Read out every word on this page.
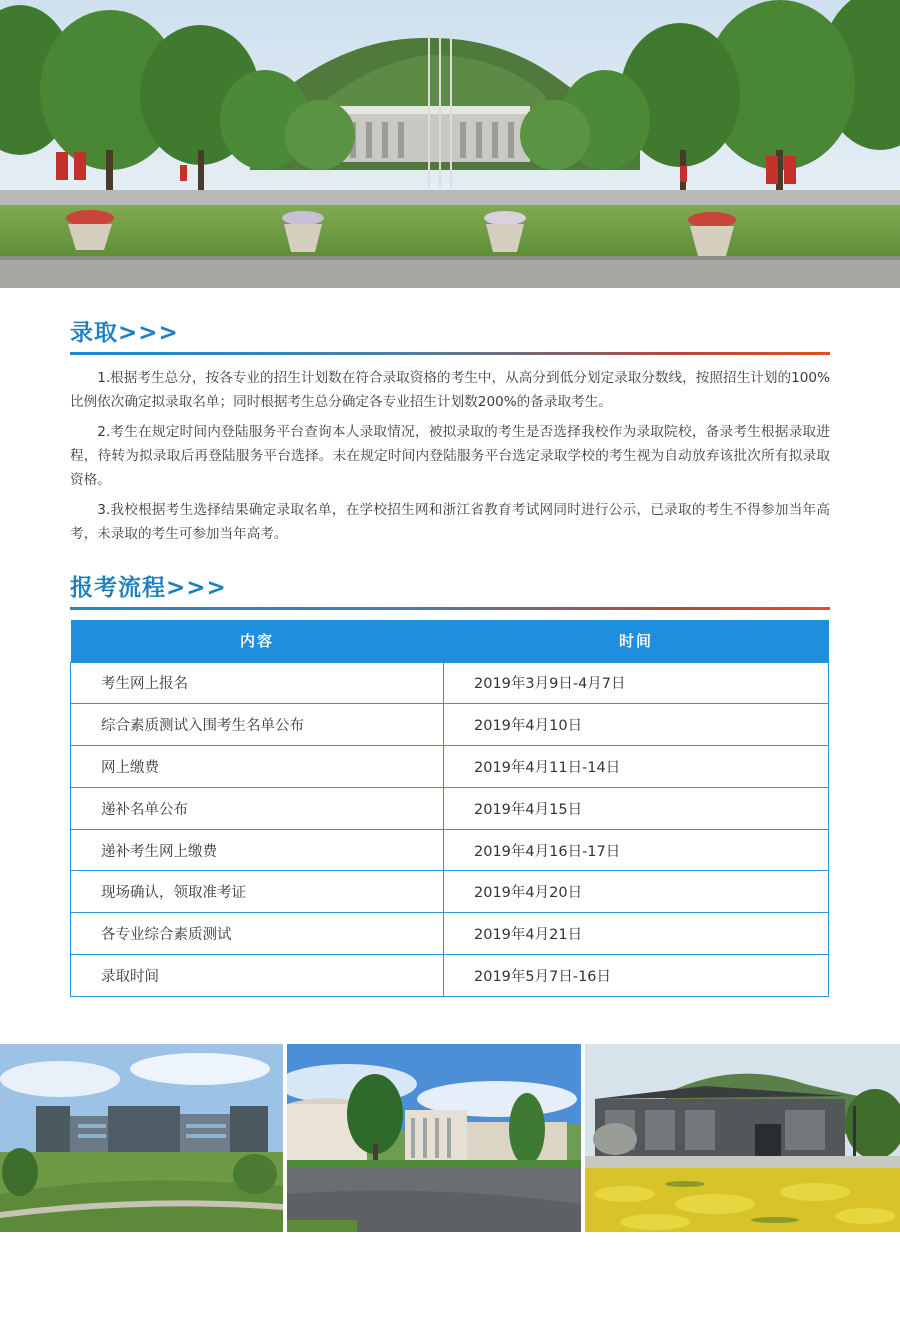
录取>>>

1.根据考生总分，按各专业的招生计划数在符合录取资格的考生中，从高分到低分划定录取分数线，按照招生计划的100%比例依次确定拟录取名单；同时根据考生总分确定各专业招生计划数200%的备录取考生。

2.考生在规定时间内登陆服务平台查询本人录取情况，被拟录取的考生是否选择我校作为录取院校，备录考生根据录取进程，待转为拟录取后再登陆服务平台选择。未在规定时间内登陆服务平台选定录取学校的考生视为自动放弃该批次所有拟录取资格。

3.我校根据考生选择结果确定录取名单，在学校招生网和浙江省教育考试网同时进行公示，已录取的考生不得参加当年高考，未录取的考生可参加当年高考。

报考流程>>>
内容	时间
考生网上报名	2019年3月9日-4月7日
综合素质测试入围考生名单公布	2019年4月10日
网上缴费	2019年4月11日-14日
递补名单公布	2019年4月15日
递补考生网上缴费	2019年4月16日-17日
现场确认，领取准考证	2019年4月20日
各专业综合素质测试	2019年4月21日
录取时间	2019年5月7日-16日
